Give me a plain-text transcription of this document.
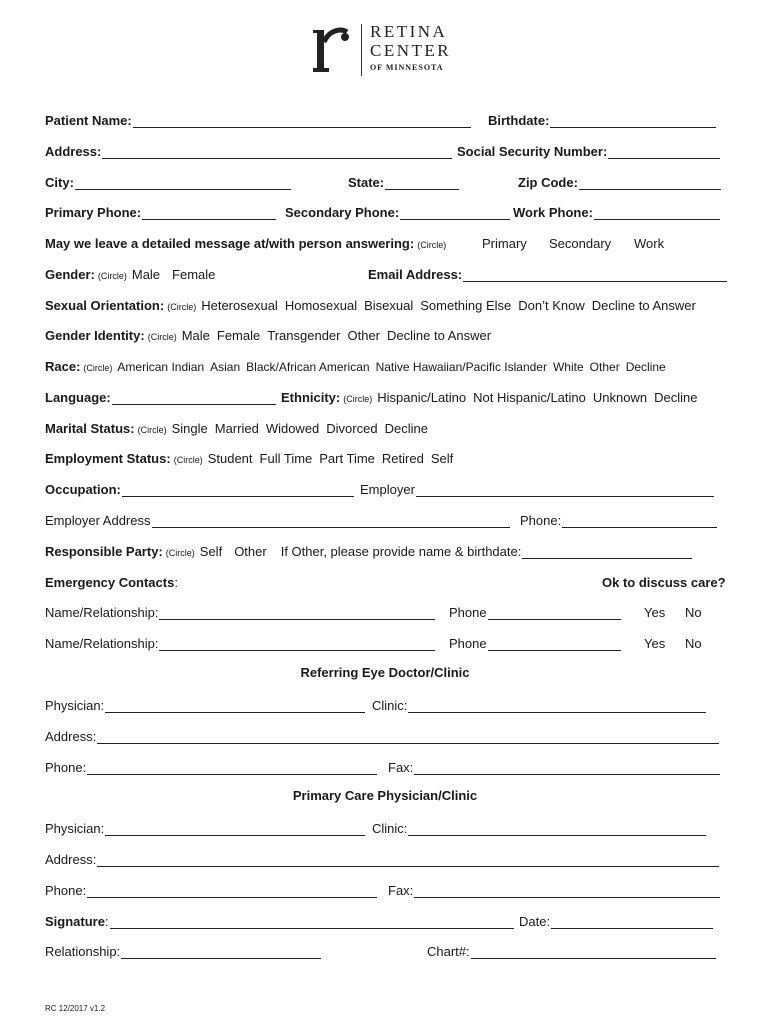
RETINA
CENTER
OF MINNESOTA
Patient Name :	Birthdate :
Address :	Social Security Number :
City :	State :	Zip Code :
Primary Phone :	Secondary Phone :	Work Phone :
May we leave a detailed message at/with person answering : (Circle)	Primary Secondary Work
Gender : (Circle) Male Female	Email Address :
Sexual Orientation : (Circle) Heterosexual Homosexual Bisexual Something Else Don’t Know Decline to Answer
Gender Identity : (Circle) Male Female Transgender Other Decline to Answer
Race : (Circle) American Indian Asian Black/African American Native Hawaiian/Pacific Islander White Other Decline
Language :	Ethnicity : (Circle) Hispanic/Latino Not Hispanic/Latino Unknown Decline
Marital Status : (Circle) Single Married Widowed Divorced Decline
Employment Status : (Circle) Student Full Time Part Time Retired Self
Occupation :	Employer
Employer Address	Phone :
Responsible Party : (Circle) Self Other If Other, please provide name & birthdate:
Emergency Contacts :	Ok to discuss care?
Name/Relationship :	Phone	Yes No
Name/Relationship :	Phone	Yes No
Referring Eye Doctor/Clinic
Physician :	Clinic :
Address :
Phone :	Fax :
Primary Care Physician/Clinic
Physician :	Clinic :
Address :
Phone :	Fax :
Signature :	Date :
Relationship :	Chart# :
RC 12/2017 v1.2
